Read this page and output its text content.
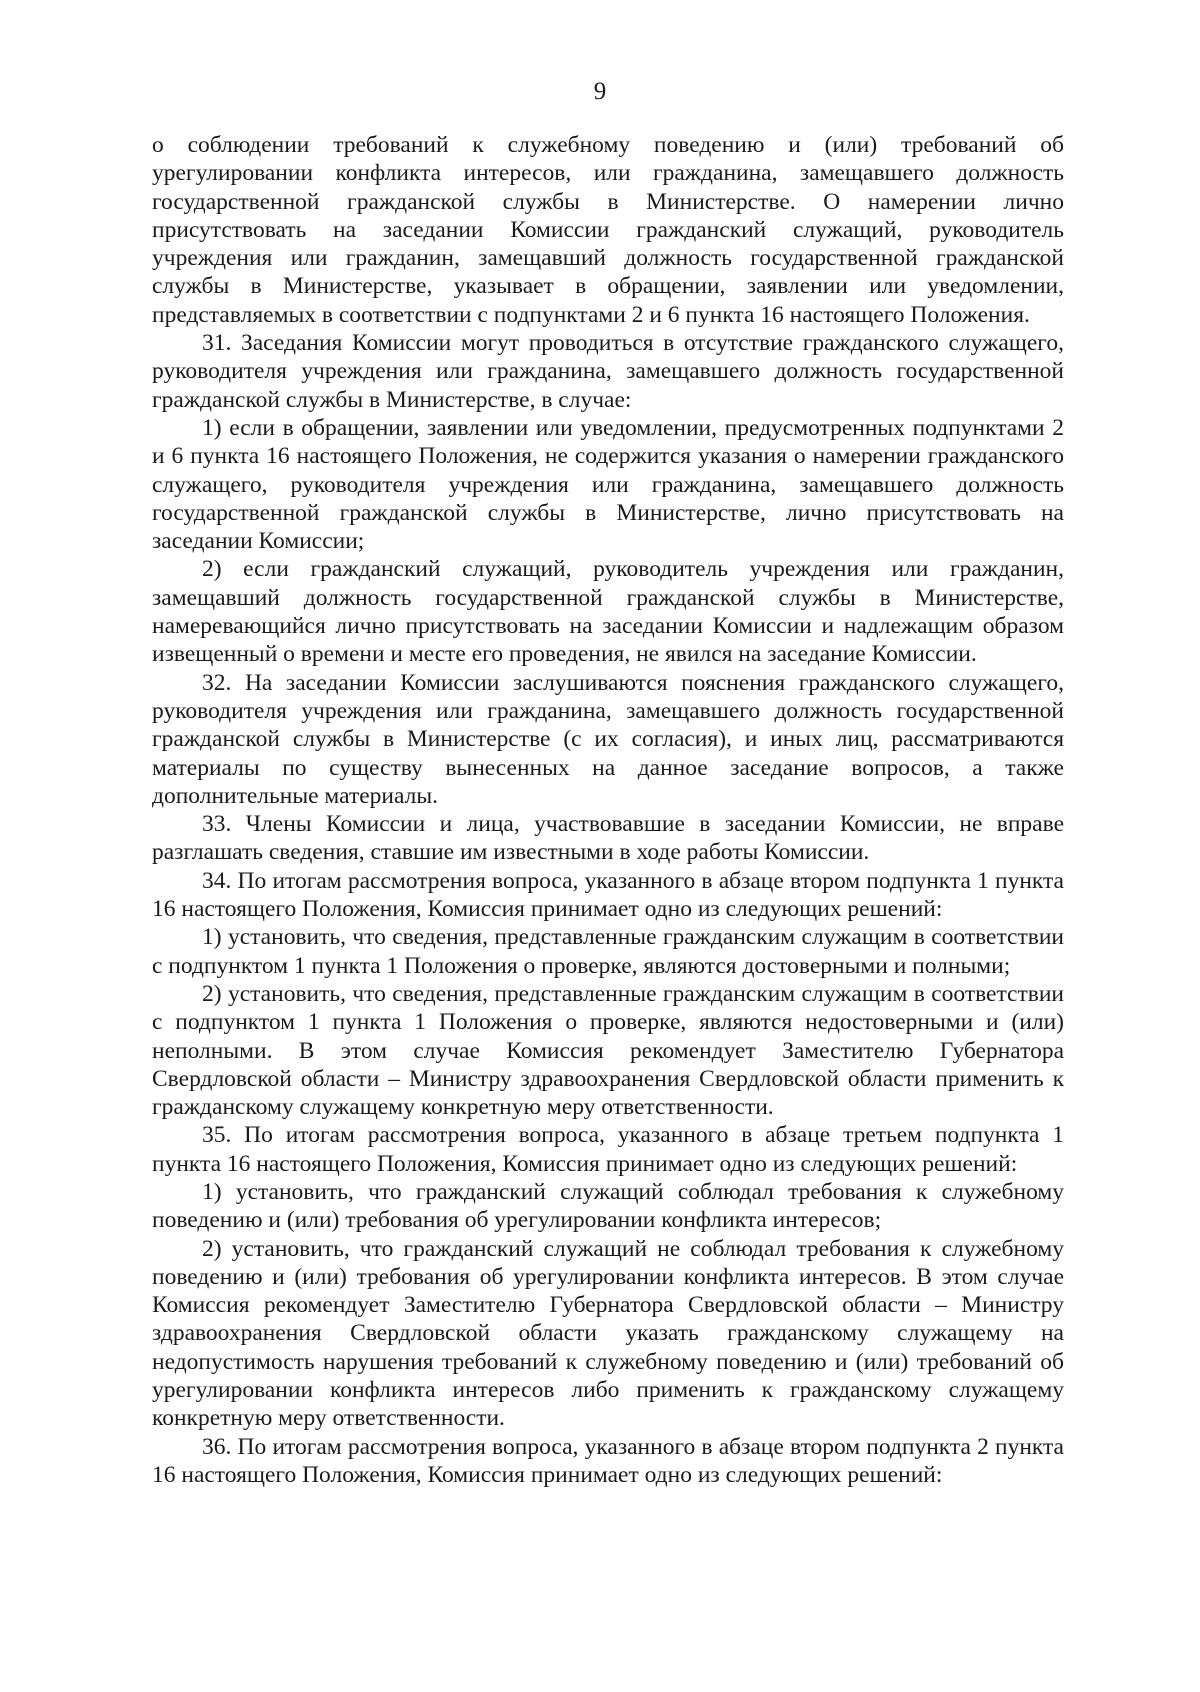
9

о соблюдении требований к служебному поведению и (или) требований об урегулировании конфликта интересов, или гражданина, замещавшего должность государственной гражданской службы в Министерстве. О намерении лично присутствовать на заседании Комиссии гражданский служащий, руководитель учреждения или гражданин, замещавший должность государственной гражданской службы в Министерстве, указывает в обращении, заявлении или уведомлении, представляемых в соответствии с подпунктами 2 и 6 пункта 16 настоящего Положения.

31. Заседания Комиссии могут проводиться в отсутствие гражданского служащего, руководителя учреждения или гражданина, замещавшего должность государственной гражданской службы в Министерстве, в случае:

1) если в обращении, заявлении или уведомлении, предусмотренных подпунктами 2 и 6 пункта 16 настоящего Положения, не содержится указания о намерении гражданского служащего, руководителя учреждения или гражданина, замещавшего должность государственной гражданской службы в Министерстве, лично присутствовать на заседании Комиссии;

2) если гражданский служащий, руководитель учреждения или гражданин, замещавший должность государственной гражданской службы в Министерстве, намеревающийся лично присутствовать на заседании Комиссии и надлежащим образом извещенный о времени и месте его проведения, не явился на заседание Комиссии.

32. На заседании Комиссии заслушиваются пояснения гражданского служащего, руководителя учреждения или гражданина, замещавшего должность государственной гражданской службы в Министерстве (с их согласия), и иных лиц, рассматриваются материалы по существу вынесенных на данное заседание вопросов, а также дополнительные материалы.

33. Члены Комиссии и лица, участвовавшие в заседании Комиссии, не вправе разглашать сведения, ставшие им известными в ходе работы Комиссии.

34. По итогам рассмотрения вопроса, указанного в абзаце втором подпункта 1 пункта 16 настоящего Положения, Комиссия принимает одно из следующих решений:

1) установить, что сведения, представленные гражданским служащим в соответствии с подпунктом 1 пункта 1 Положения о проверке, являются достоверными и полными;

2) установить, что сведения, представленные гражданским служащим в соответствии с подпунктом 1 пункта 1 Положения о проверке, являются недостоверными и (или) неполными. В этом случае Комиссия рекомендует Заместителю Губернатора Свердловской области – Министру здравоохранения Свердловской области применить к гражданскому служащему конкретную меру ответственности.

35. По итогам рассмотрения вопроса, указанного в абзаце третьем подпункта 1 пункта 16 настоящего Положения, Комиссия принимает одно из следующих решений:

1) установить, что гражданский служащий соблюдал требования к служебному поведению и (или) требования об урегулировании конфликта интересов;

2) установить, что гражданский служащий не соблюдал требования к служебному поведению и (или) требования об урегулировании конфликта интересов. В этом случае Комиссия рекомендует Заместителю Губернатора Свердловской области – Министру здравоохранения Свердловской области указать гражданскому служащему на недопустимость нарушения требований к служебному поведению и (или) требований об урегулировании конфликта интересов либо применить к гражданскому служащему конкретную меру ответственности.

36. По итогам рассмотрения вопроса, указанного в абзаце втором подпункта 2 пункта 16 настоящего Положения, Комиссия принимает одно из следующих решений:
